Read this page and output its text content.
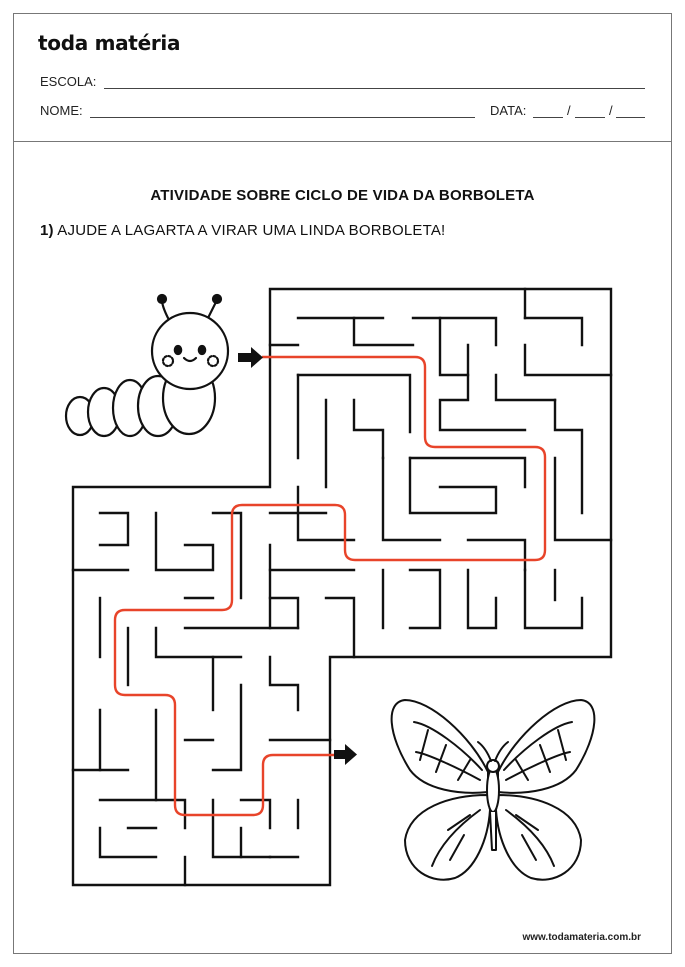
toda matéria
ESCOLA:
NOME:	DATA:	/	/
ATIVIDADE SOBRE CICLO DE VIDA DA BORBOLETA
1) AJUDE A LAGARTA A VIRAR UMA LINDA BORBOLETA!
www.todamateria.com.br
